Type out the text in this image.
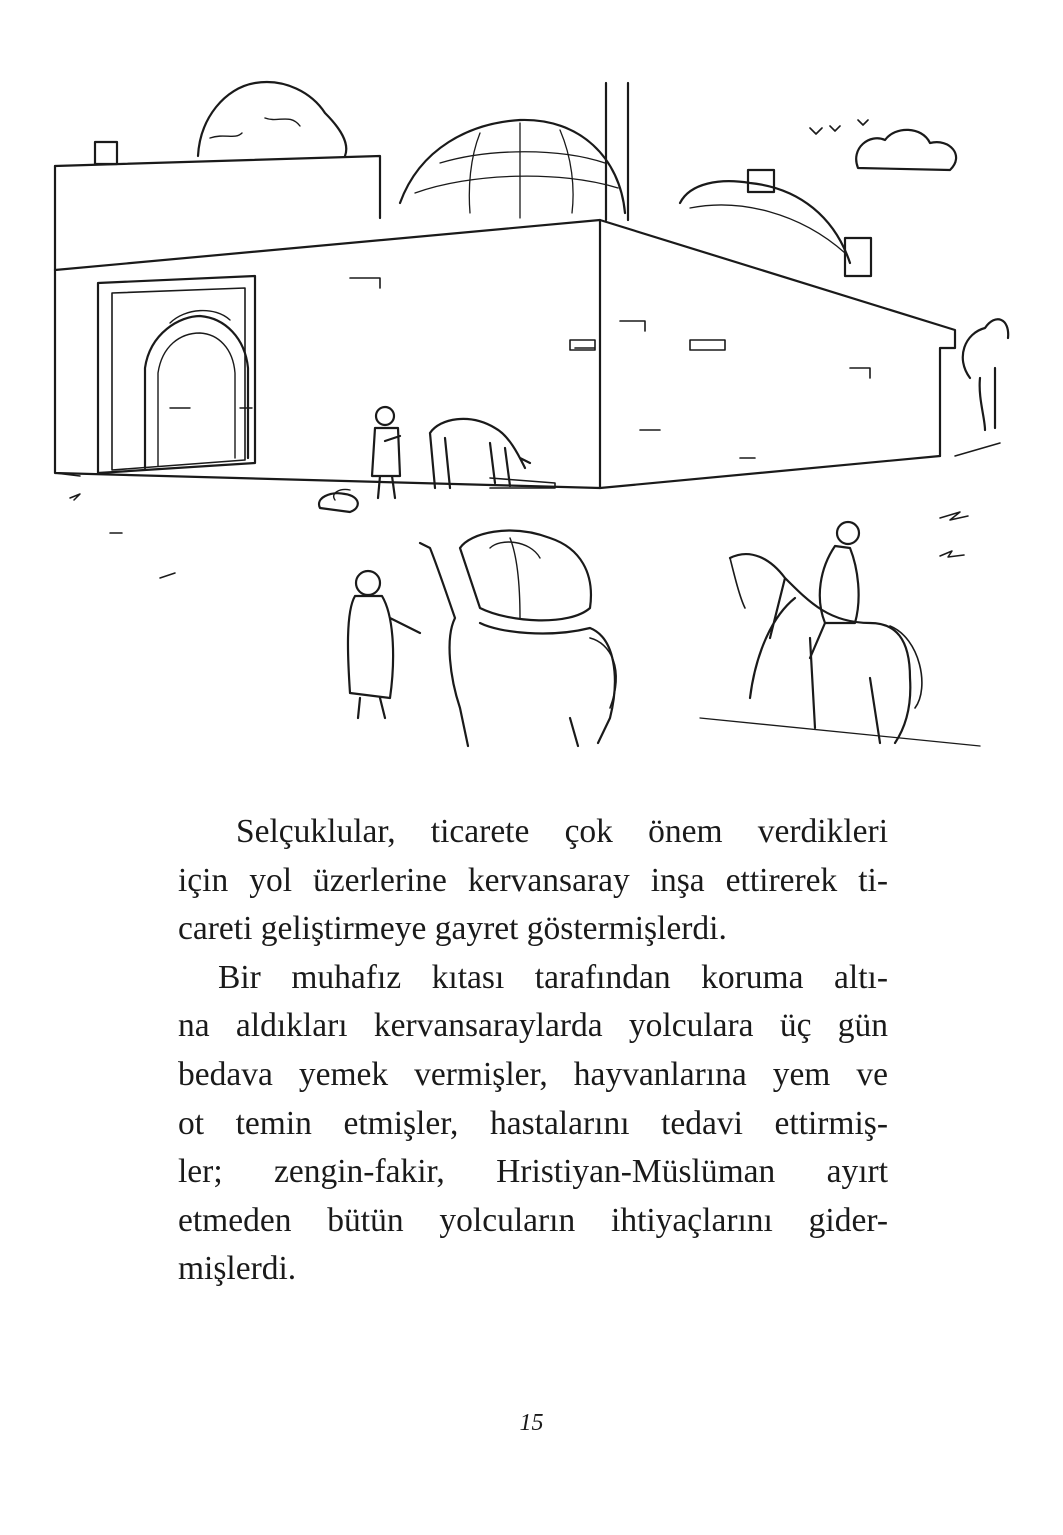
Selçuklular, ticarete çok önem verdikleri
için yol üzerlerine kervansaray inşa ettirerek ti-
careti geliştirmeye gayret göstermişlerdi.

Bir muhafız kıtası tarafından koruma altı-
na aldıkları kervansaraylarda yolculara üç gün
bedava yemek vermişler, hayvanlarına yem ve
ot temin etmişler, hastalarını tedavi ettirmiş-
ler; zengin-fakir, Hristiyan-Müslüman ayırt
etmeden bütün yolcuların ihtiyaçlarını gider-
mişlerdi.

15
